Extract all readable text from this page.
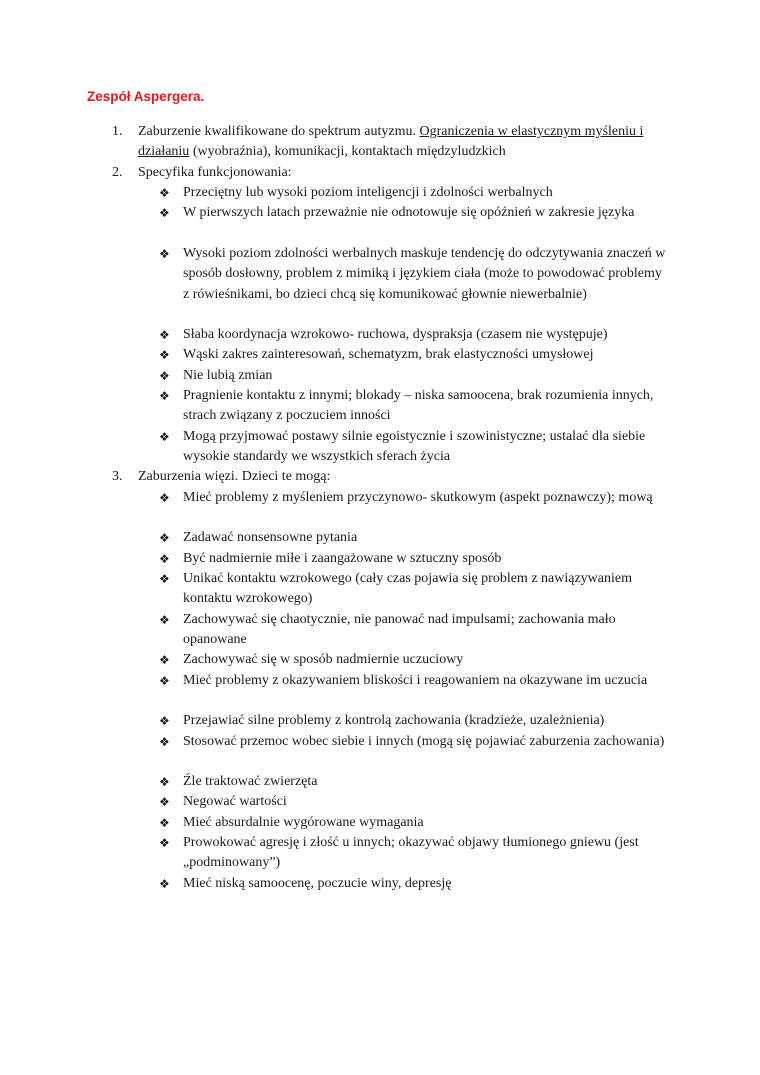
Zespół Aspergera.
1.	Zaburzenie kwalifikowane do spektrum autyzmu. Ograniczenia w elastycznym myśleniu i działaniu (wyobraźnia), komunikacji, kontaktach międzyludzkich
2.	Specyfika funkcjonowania:
❖ Przeciętny lub wysoki poziom inteligencji i zdolności werbalnych
❖ W pierwszych latach przeważnie nie odnotowuje się opóźnień w zakresie języka
❖ Wysoki poziom zdolności werbalnych maskuje tendencję do odczytywania znaczeń w sposób dosłowny, problem z mimiką i językiem ciała (może to powodować problemy z rówieśnikami, bo dzieci chcą się komunikować głownie niewerbalnie)
❖ Słaba koordynacja wzrokowo- ruchowa, dyspraksja (czasem nie występuje)
❖ Wąski zakres zainteresowań, schematyzm, brak elastyczności umysłowej
❖ Nie lubią zmian
❖ Pragnienie kontaktu z innymi; blokady – niska samoocena, brak rozumienia innych, strach związany z poczuciem inności
❖ Mogą przyjmować postawy silnie egoistycznie i szowinistyczne; ustalać dla siebie wysokie standardy we wszystkich sferach życia
3.	Zaburzenia więzi. Dzieci te mogą:
❖ Mieć problemy z myśleniem przyczynowo- skutkowym (aspekt poznawczy); mową
❖ Zadawać nonsensowne pytania
❖ Być nadmiernie miłe i zaangażowane w sztuczny sposób
❖ Unikać kontaktu wzrokowego (cały czas pojawia się problem z nawiązywaniem kontaktu wzrokowego)
❖ Zachowywać się chaotycznie, nie panować nad impulsami; zachowania mało opanowane
❖ Zachowywać się w sposób nadmiernie uczuciowy
❖ Mieć problemy z okazywaniem bliskości i reagowaniem na okazywane im uczucia
❖ Przejawiać silne problemy z kontrolą zachowania (kradzieże, uzależnienia)
❖ Stosować przemoc wobec siebie i innych (mogą się pojawiać zaburzenia zachowania)
❖ Źle traktować zwierzęta
❖ Negować wartości
❖ Mieć absurdalnie wygórowane wymagania
❖ Prowokować agresję i złość u innych; okazywać objawy tłumionego gniewu (jest „podminowany”)
❖ Mieć niską samoocenę, poczucie winy, depresję
